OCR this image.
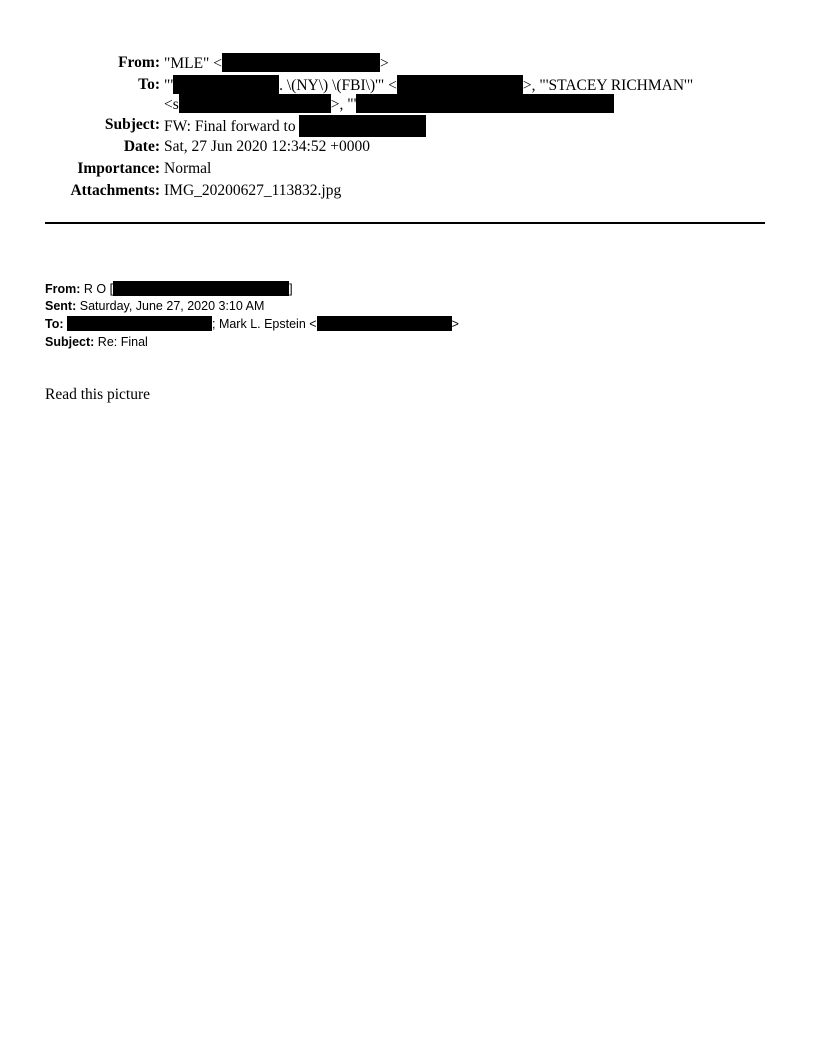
From: "MLE" <	>
To: "'	. \(NY\) \(FBI\)'" <	>, "'STACEY RICHMAN'"
<s	>, "'
Subject: FW: Final forward to
Date: Sat, 27 Jun 2020 12:34:52 +0000
Importance: Normal
Attachments: IMG_20200627_113832.jpg
From: R O [	]
Sent: Saturday, June 27, 2020 3:10 AM
To:	; Mark L. Epstein <	>
Subject: Re: Final
Read this picture
